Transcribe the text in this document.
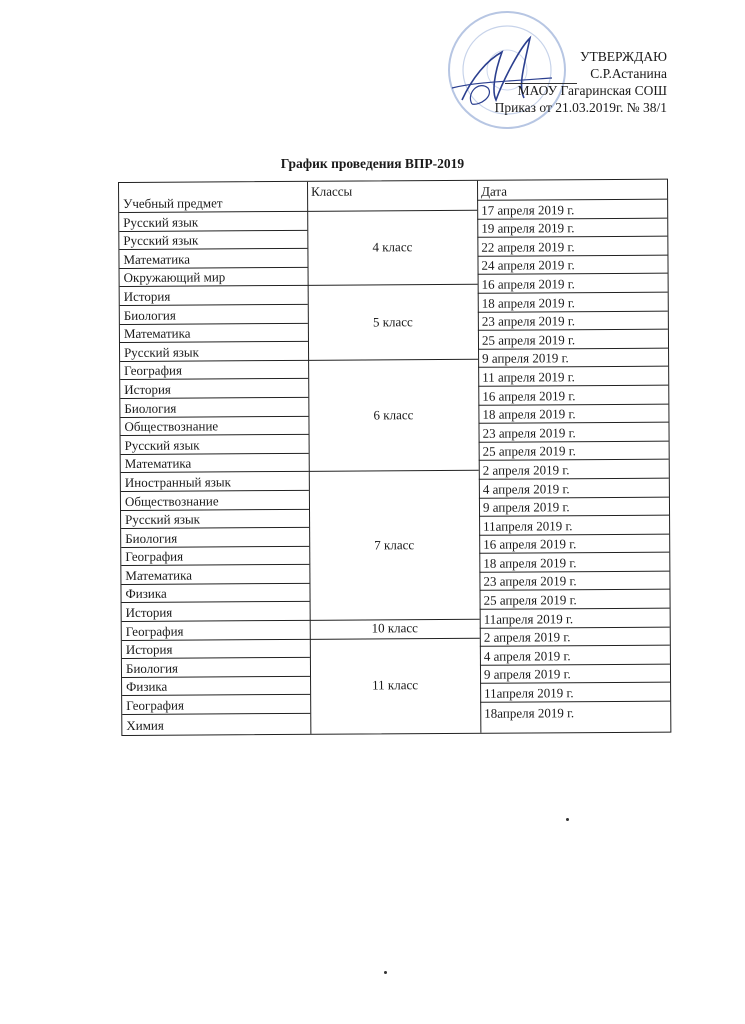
УТВЕРЖДАЮ
С.Р.Астанина
МАОУ Гагаринская СОШ
Приказ от 21.03.2019г. № 38/1
График проведения ВПР-2019
Учебный предмет
Русский язык
Русский язык
Математика
Окружающий мир
История
Биология
Математика
Русский язык
География
История
Биология
Обществознание
Русский язык
Математика
Иностранный язык
Обществознание
Русский язык
Биология
География
Математика
Физика
История
География
История
Биология
Физика
География
Химия
Классы
4 класс
5 класс
6 класс
7 класс
10 класс
11 класс
Дата
17 апреля 2019 г.
19 апреля 2019 г.
22 апреля 2019 г.
24 апреля 2019 г.
16 апреля 2019 г.
18 апреля 2019 г.
23 апреля 2019 г.
25 апреля 2019 г.
9 апреля 2019 г.
11 апреля 2019 г.
16 апреля 2019 г.
18 апреля 2019 г.
23 апреля 2019 г.
25 апреля 2019 г.
2 апреля 2019 г.
4 апреля 2019 г.
9 апреля 2019 г.
11апреля 2019 г.
16 апреля 2019 г.
18 апреля 2019 г.
23 апреля 2019 г.
25 апреля 2019 г.
11апреля 2019 г.
2 апреля 2019 г.
4 апреля 2019 г.
9 апреля 2019 г.
11апреля 2019 г.
18апреля 2019 г.
